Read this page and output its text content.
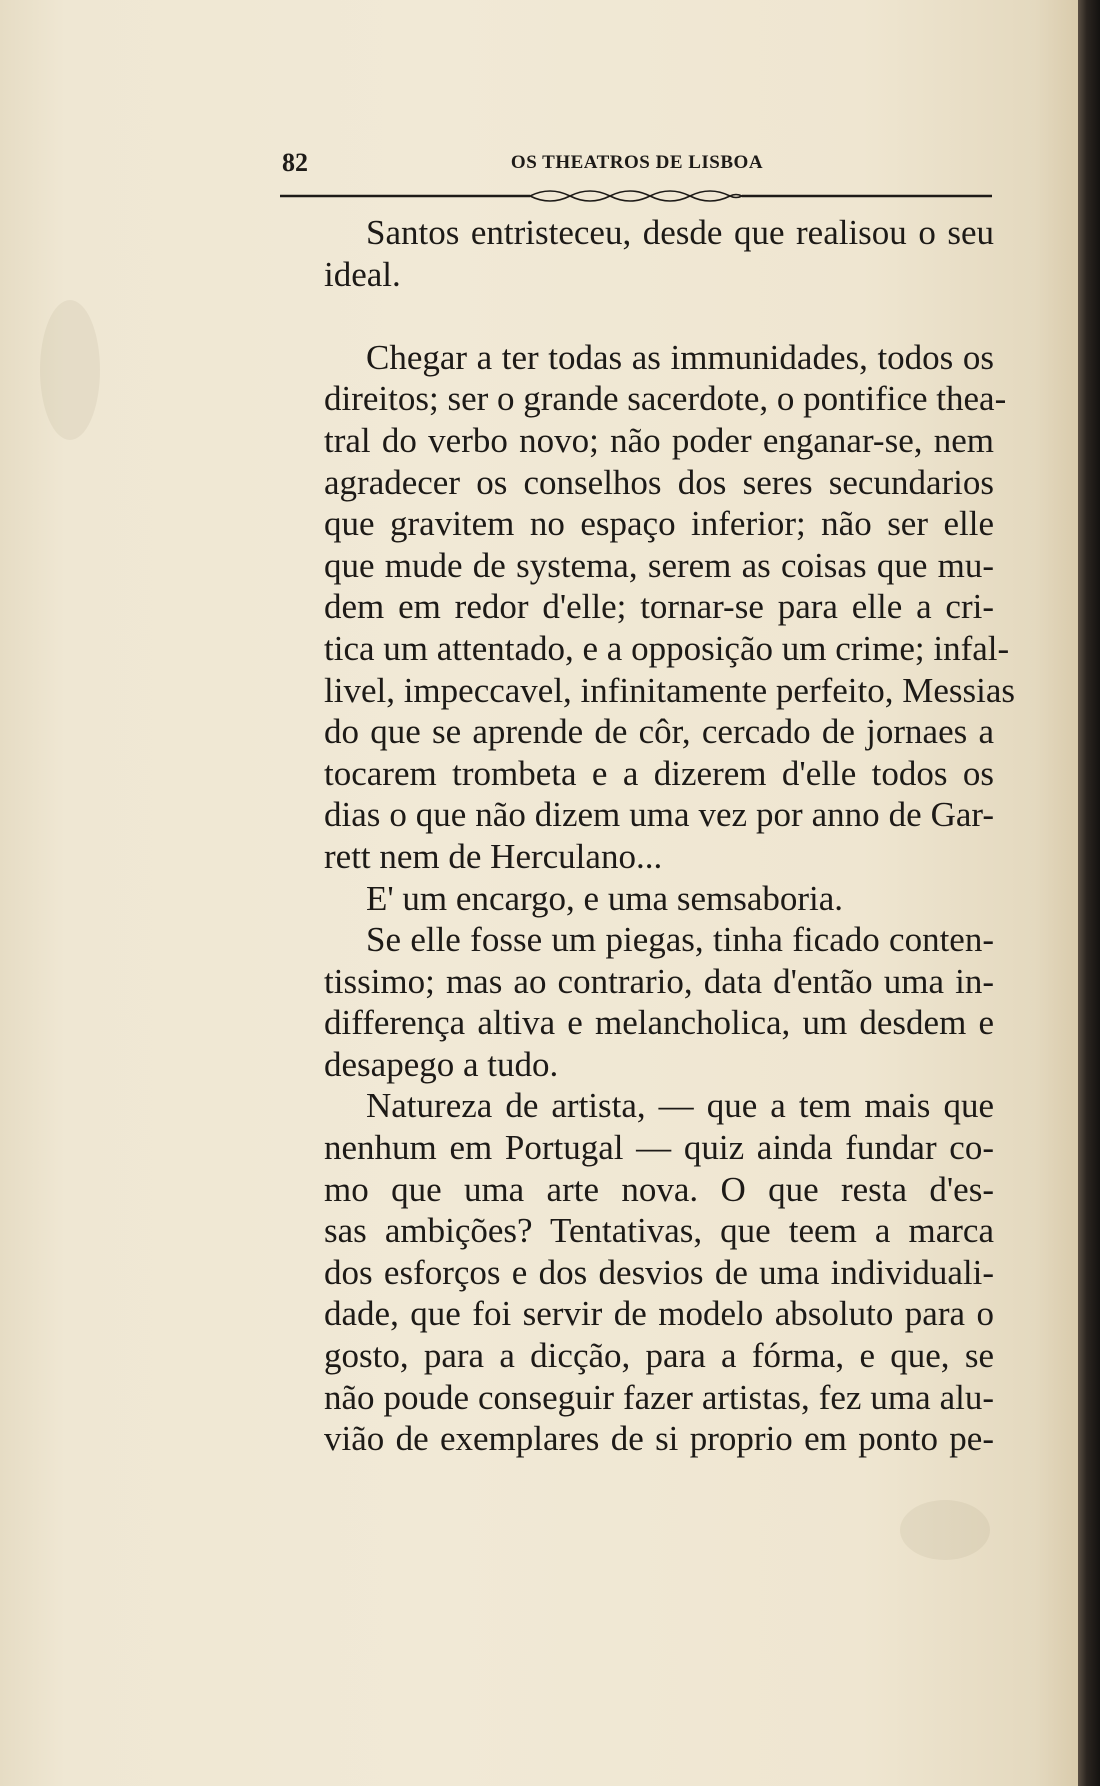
82	OS THEATROS DE LISBOA
Santos entristeceu, desde que realisou o seu
ideal.
Chegar a ter todas as immunidades, todos os
direitos; ser o grande sacerdote, o pontifice thea-
tral do verbo novo; não poder enganar-se, nem
agradecer os conselhos dos seres secundarios
que gravitem no espaço inferior; não ser elle
que mude de systema, serem as coisas que mu-
dem em redor d'elle; tornar-se para elle a cri-
tica um attentado, e a opposição um crime; infal-
livel, impeccavel, infinitamente perfeito, Messias
do que se aprende de côr, cercado de jornaes a
tocarem trombeta e a dizerem d'elle todos os
dias o que não dizem uma vez por anno de Gar-
rett nem de Herculano...
E' um encargo, e uma semsaboria.
Se elle fosse um piegas, tinha ficado conten-
tissimo; mas ao contrario, data d'então uma in-
differença altiva e melancholica, um desdem e
desapego a tudo.
Natureza de artista, — que a tem mais que
nenhum em Portugal — quiz ainda fundar co-
mo que uma arte nova. O que resta d'es-
sas ambições? Tentativas, que teem a marca
dos esforços e dos desvios de uma individuali-
dade, que foi servir de modelo absoluto para o
gosto, para a dicção, para a fórma, e que, se
não poude conseguir fazer artistas, fez uma alu-
vião de exemplares de si proprio em ponto pe-
